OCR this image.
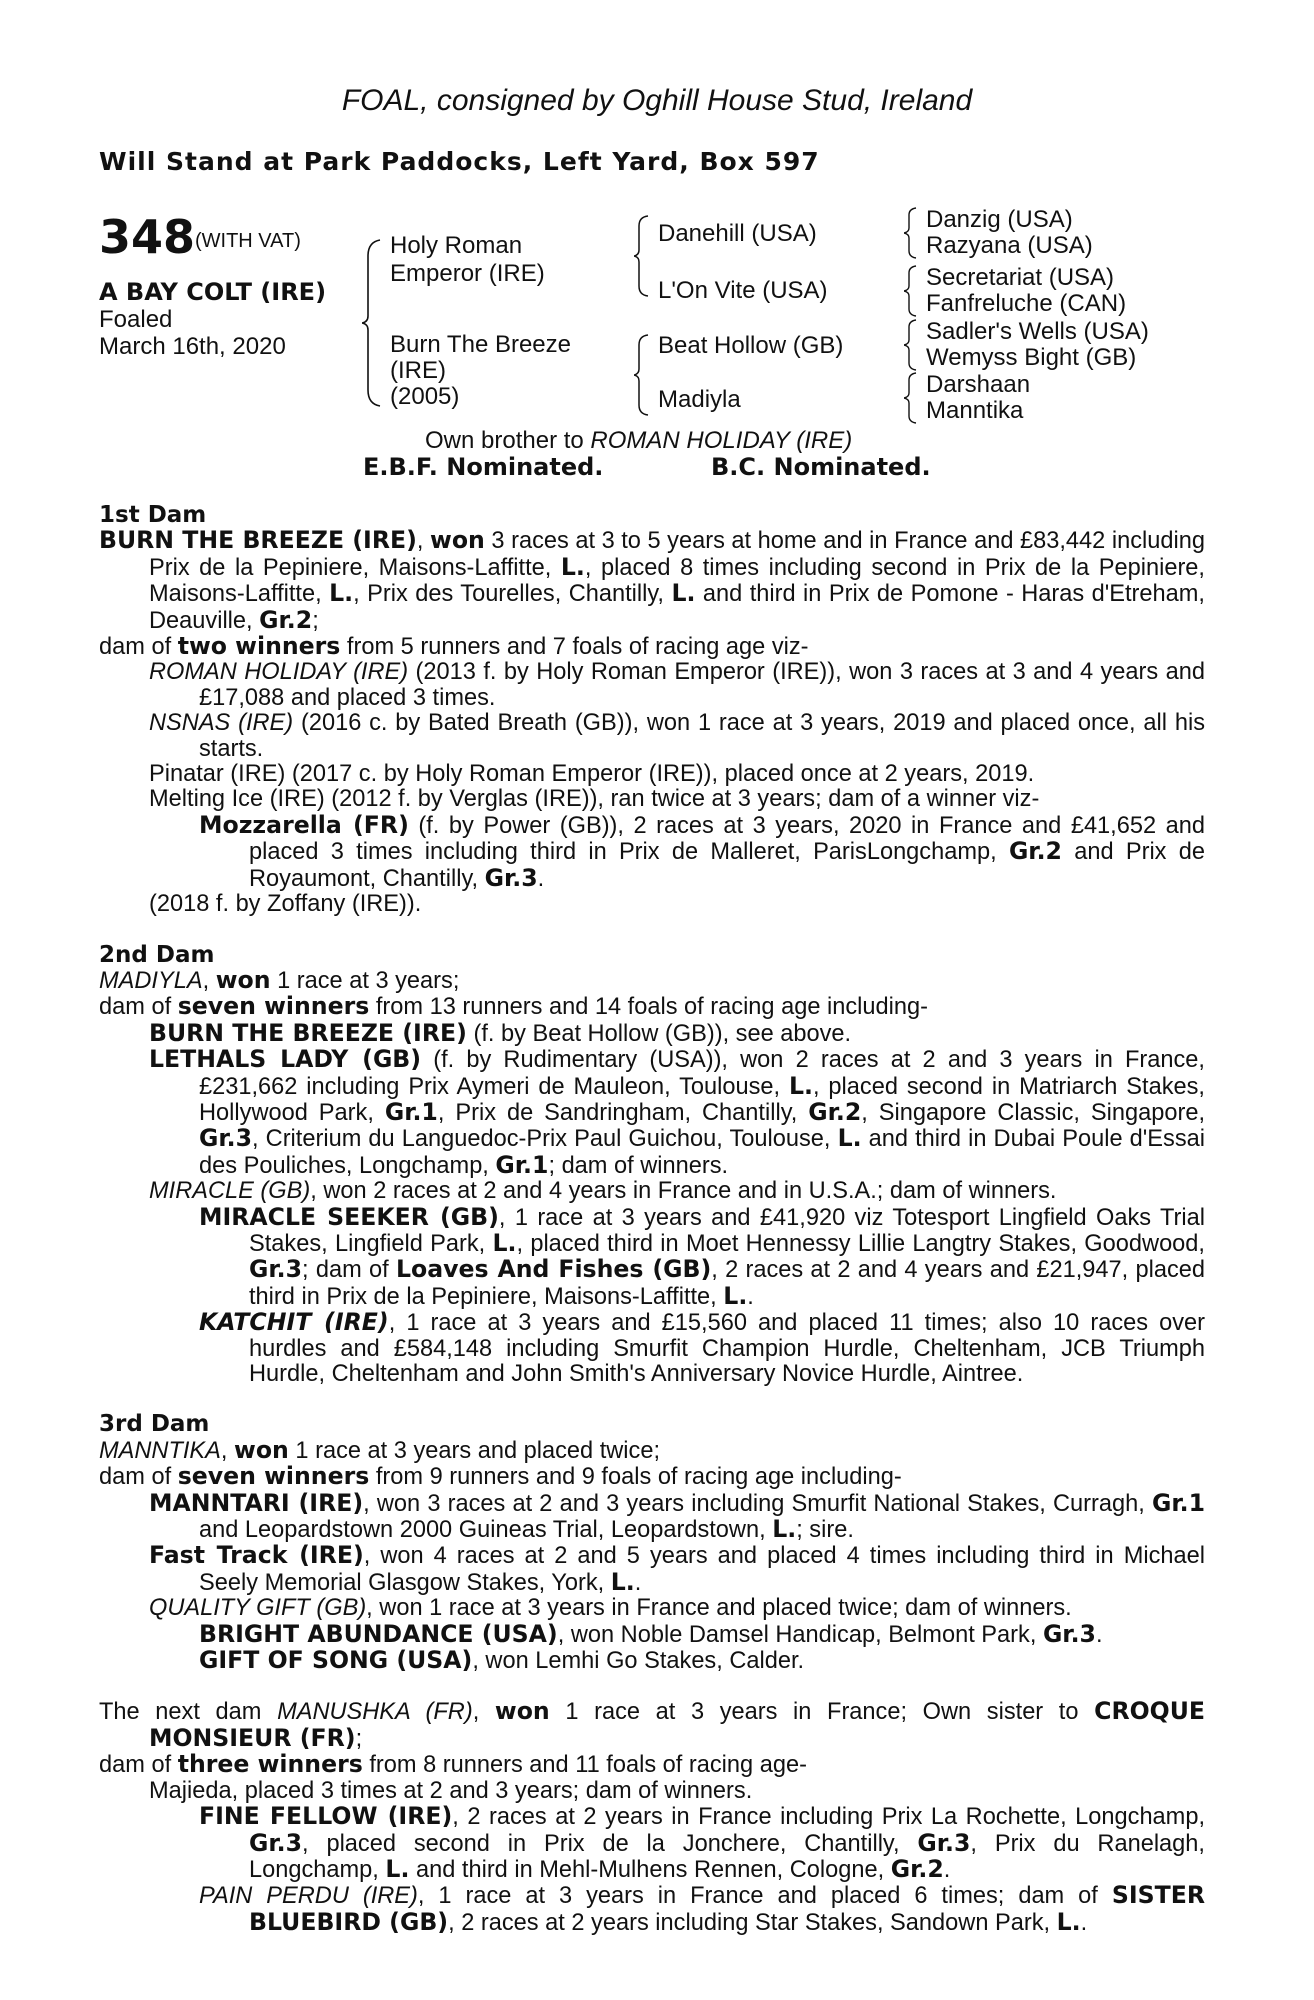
FOAL, consigned by Oghill House Stud, Ireland
Will Stand at Park Paddocks, Left Yard, Box 597
348 (WITH VAT)
A BAY COLT (IRE)
Foaled
March 16th, 2020
Holy Roman
Emperor (IRE)
Burn The Breeze
(IRE)
(2005)
Danehill (USA)
L'On Vite (USA)
Beat Hollow (GB)
Madiyla
Danzig (USA)
Razyana (USA)
Secretariat (USA)
Fanfreluche (CAN)
Sadler's Wells (USA)
Wemyss Bight (GB)
Darshaan
Manntika
Own brother to ROMAN HOLIDAY (IRE)
E.B.F. Nominated.	B.C. Nominated.

1st Dam

BURN THE BREEZE (IRE), won 3 races at 3 to 5 years at home and in France and £83,442 including Prix de la Pepiniere, Maisons-Laffitte, L., placed 8 times including second in Prix de la Pepiniere, Maisons-Laffitte, L., Prix des Tourelles, Chantilly, L. and third in Prix de Pomone - Haras d'Etreham, Deauville, Gr.2;

dam of two winners from 5 runners and 7 foals of racing age viz-

ROMAN HOLIDAY (IRE) (2013 f. by Holy Roman Emperor (IRE)), won 3 races at 3 and 4 years and £17,088 and placed 3 times.

NSNAS (IRE) (2016 c. by Bated Breath (GB)), won 1 race at 3 years, 2019 and placed once, all his starts.

Pinatar (IRE) (2017 c. by Holy Roman Emperor (IRE)), placed once at 2 years, 2019.

Melting Ice (IRE) (2012 f. by Verglas (IRE)), ran twice at 3 years; dam of a winner viz-

Mozzarella (FR) (f. by Power (GB)), 2 races at 3 years, 2020 in France and £41,652 and placed 3 times including third in Prix de Malleret, ParisLongchamp, Gr.2 and Prix de Royaumont, Chantilly, Gr.3.

(2018 f. by Zoffany (IRE)).

2nd Dam

MADIYLA, won 1 race at 3 years;

dam of seven winners from 13 runners and 14 foals of racing age including-

BURN THE BREEZE (IRE) (f. by Beat Hollow (GB)), see above.

LETHALS LADY (GB) (f. by Rudimentary (USA)), won 2 races at 2 and 3 years in France, £231,662 including Prix Aymeri de Mauleon, Toulouse, L., placed second in Matriarch Stakes, Hollywood Park, Gr.1, Prix de Sandringham, Chantilly, Gr.2, Singapore Classic, Singapore, Gr.3, Criterium du Languedoc-Prix Paul Guichou, Toulouse, L. and third in Dubai Poule d'Essai des Pouliches, Longchamp, Gr.1; dam of winners.

MIRACLE (GB), won 2 races at 2 and 4 years in France and in U.S.A.; dam of winners.

MIRACLE SEEKER (GB), 1 race at 3 years and £41,920 viz Totesport Lingfield Oaks Trial Stakes, Lingfield Park, L., placed third in Moet Hennessy Lillie Langtry Stakes, Goodwood, Gr.3; dam of Loaves And Fishes (GB), 2 races at 2 and 4 years and £21,947, placed third in Prix de la Pepiniere, Maisons-Laffitte, L..

KATCHIT (IRE), 1 race at 3 years and £15,560 and placed 11 times; also 10 races over hurdles and £584,148 including Smurfit Champion Hurdle, Cheltenham, JCB Triumph Hurdle, Cheltenham and John Smith's Anniversary Novice Hurdle, Aintree.

3rd Dam

MANNTIKA, won 1 race at 3 years and placed twice;

dam of seven winners from 9 runners and 9 foals of racing age including-

MANNTARI (IRE), won 3 races at 2 and 3 years including Smurfit National Stakes, Curragh, Gr.1 and Leopardstown 2000 Guineas Trial, Leopardstown, L.; sire.

Fast Track (IRE), won 4 races at 2 and 5 years and placed 4 times including third in Michael Seely Memorial Glasgow Stakes, York, L..

QUALITY GIFT (GB), won 1 race at 3 years in France and placed twice; dam of winners.

BRIGHT ABUNDANCE (USA), won Noble Damsel Handicap, Belmont Park, Gr.3.

GIFT OF SONG (USA), won Lemhi Go Stakes, Calder.

The next dam MANUSHKA (FR), won 1 race at 3 years in France; Own sister to CROQUE MONSIEUR (FR);

dam of three winners from 8 runners and 11 foals of racing age-

Majieda, placed 3 times at 2 and 3 years; dam of winners.

FINE FELLOW (IRE), 2 races at 2 years in France including Prix La Rochette, Longchamp, Gr.3, placed second in Prix de la Jonchere, Chantilly, Gr.3, Prix du Ranelagh, Longchamp, L. and third in Mehl-Mulhens Rennen, Cologne, Gr.2.

PAIN PERDU (IRE), 1 race at 3 years in France and placed 6 times; dam of SISTER BLUEBIRD (GB), 2 races at 2 years including Star Stakes, Sandown Park, L..
